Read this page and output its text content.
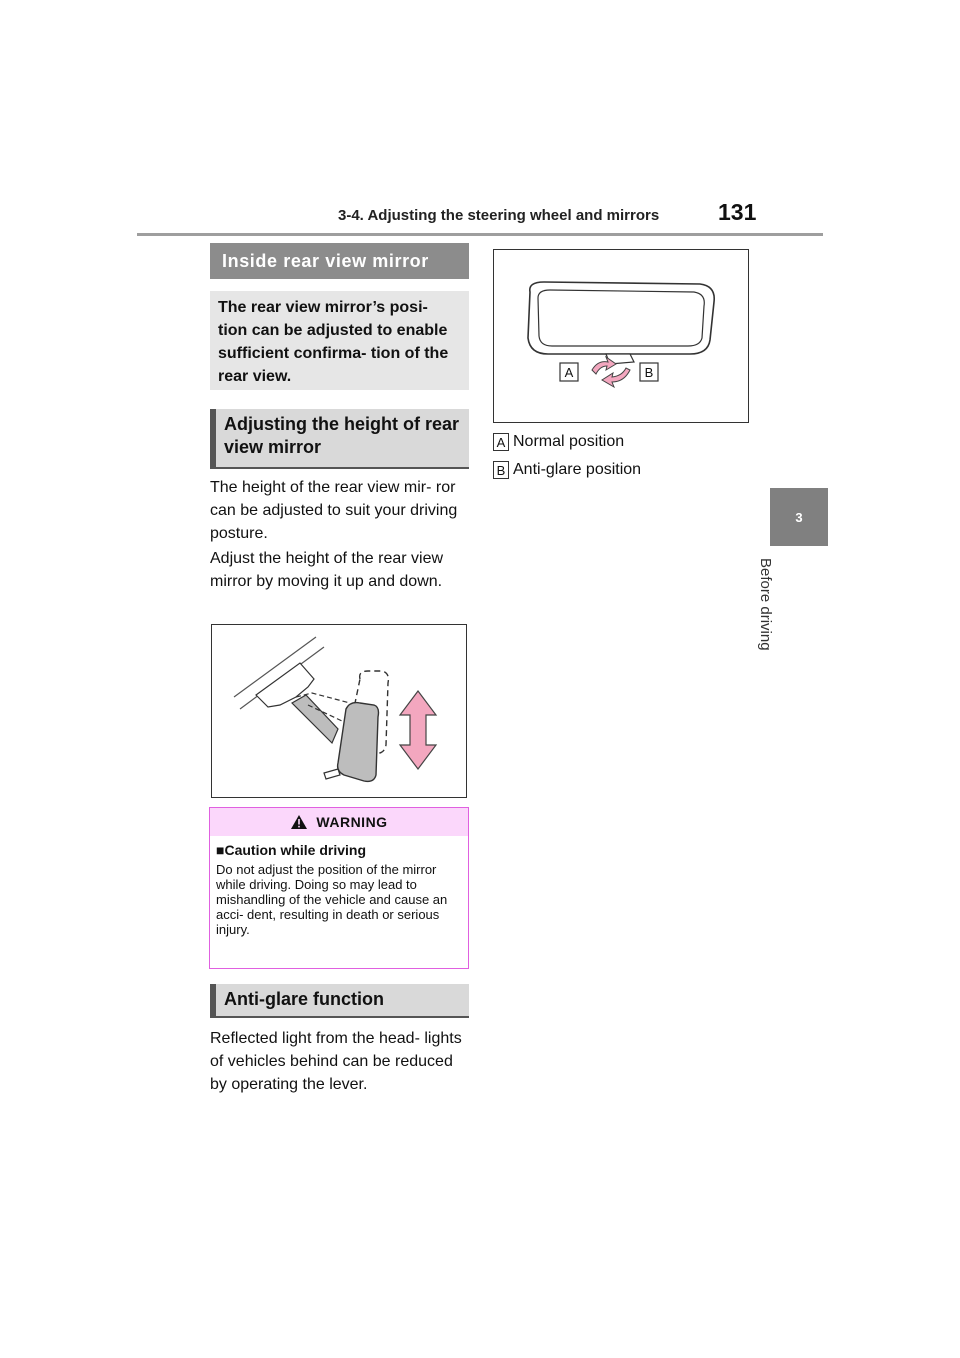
3-4. Adjusting the steering wheel and mirrors	131
3
Before driving
Inside rear view mirror
The rear view mirror’s posi- tion can be adjusted to enable sufficient confirma- tion of the rear view.
Adjusting the height of rear view mirror
The height of the rear view mir- ror can be adjusted to suit your driving posture.
Adjust the height of the rear view mirror by moving it up and down.
WARNING
■Caution while driving
Do not adjust the position of the mirror while driving. Doing so may lead to mishandling of the vehicle and cause an acci- dent, resulting in death or serious injury.
Anti-glare function
Reflected light from the head- lights of vehicles behind can be reduced by operating the lever.
A	B
A Normal position
B Anti-glare position
